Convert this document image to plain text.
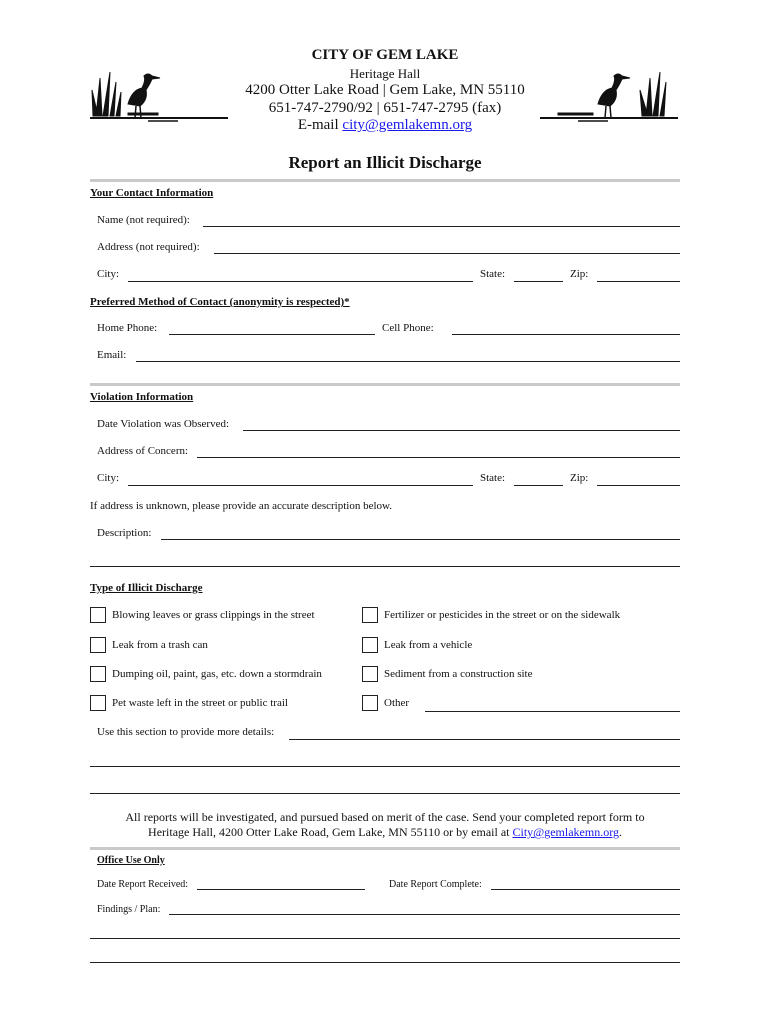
CITY OF GEM LAKE
Heritage Hall
4200 Otter Lake Road | Gem Lake, MN 55110
651-747-2790/92 | 651-747-2795 (fax)
E-mail city@gemlakemn.org
Report an Illicit Discharge
Your Contact Information
Name (not required):
Address (not required):
City:	State:	Zip:
Preferred Method of Contact (anonymity is respected)*
Home Phone:	Cell Phone:
Email:
Violation Information
Date Violation was Observed:
Address of Concern:
City:	State:	Zip:
If address is unknown, please provide an accurate description below.
Description:
Type of Illicit Discharge
Blowing leaves or grass clippings in the street	Fertilizer or pesticides in the street or on the sidewalk
Leak from a trash can	Leak from a vehicle
Dumping oil, paint, gas, etc. down a stormdrain	Sediment from a construction site
Pet waste left in the street or public trail	Other
Use this section to provide more details:
All reports will be investigated, and pursued based on merit of the case. Send your completed report form to
Heritage Hall, 4200 Otter Lake Road, Gem Lake, MN 55110 or by email at City@gemlakemn.org.
Office Use Only
Date Report Received:	Date Report Complete:
Findings / Plan:
